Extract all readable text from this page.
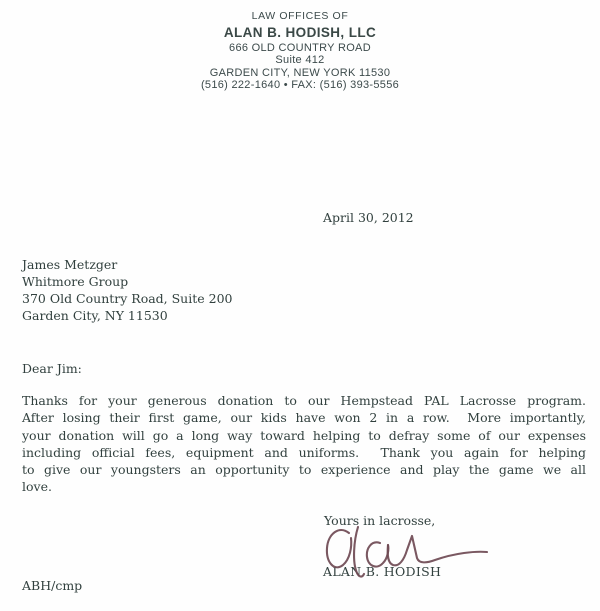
LAW OFFICES OF
ALAN B. HODISH, LLC
666 OLD COUNTRY ROAD
Suite 412
GARDEN CITY, NEW YORK 11530
(516) 222-1640 • FAX: (516) 393-5556
April 30, 2012
James Metzger
Whitmore Group
370 Old Country Road, Suite 200
Garden City, NY 11530
Dear Jim:
Thanks for your generous donation to our Hempstead PAL Lacrosse program.
After losing their first game, our kids have won 2 in a row.  More importantly,
your donation will go a long way toward helping to defray some of our expenses
including official fees, equipment and uniforms.  Thank you again for helping
to give our youngsters an opportunity to experience and play the game we all
love.
Yours in lacrosse,
ALAN B. HODISH
ABH/cmp
